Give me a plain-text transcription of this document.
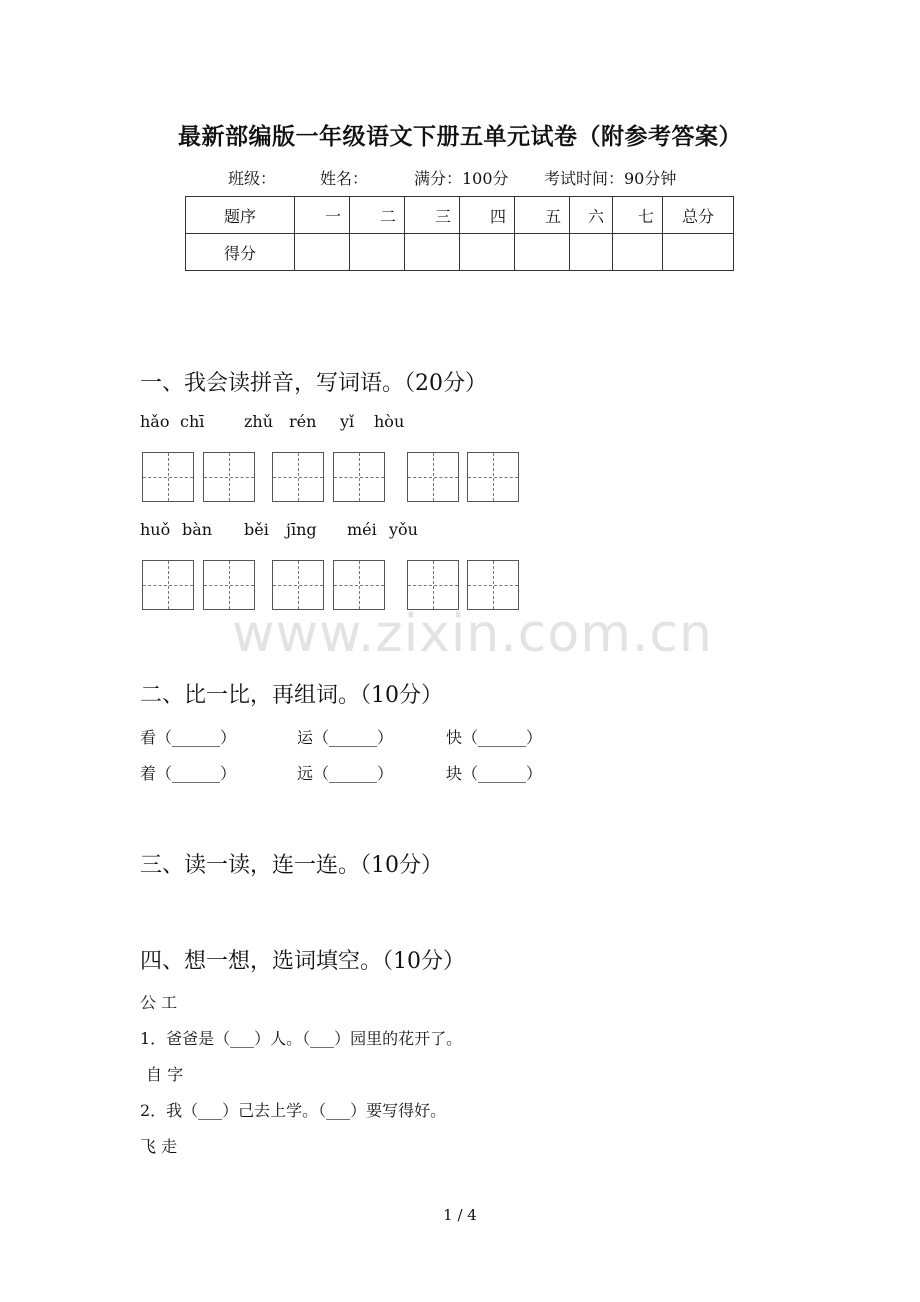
最新部编版一年级语文下册五单元试卷（附参考答案）
班级：	姓名：	满分：100分 考试时间：90分钟
题序	一	二	三	四	五	六	七	总分
得分								
一、我会读拼音，写词语。（20分）
hǎo chī zhǔ rén yǐ hòu
huǒ bàn běi jīng méi yǒu
www.zixin.com.cn
二、比一比，再组词。（10分）
看（______）	运（______）	快（______）
着（______）	远（______）	块（______）
三、读一读，连一连。（10分）
四、想一想，选词填空。（10分）
公 工
1．爸爸是（___）人。（___）园里的花开了。
自 字
2．我（___）己去上学。（___）要写得好。
飞 走
1 / 4
